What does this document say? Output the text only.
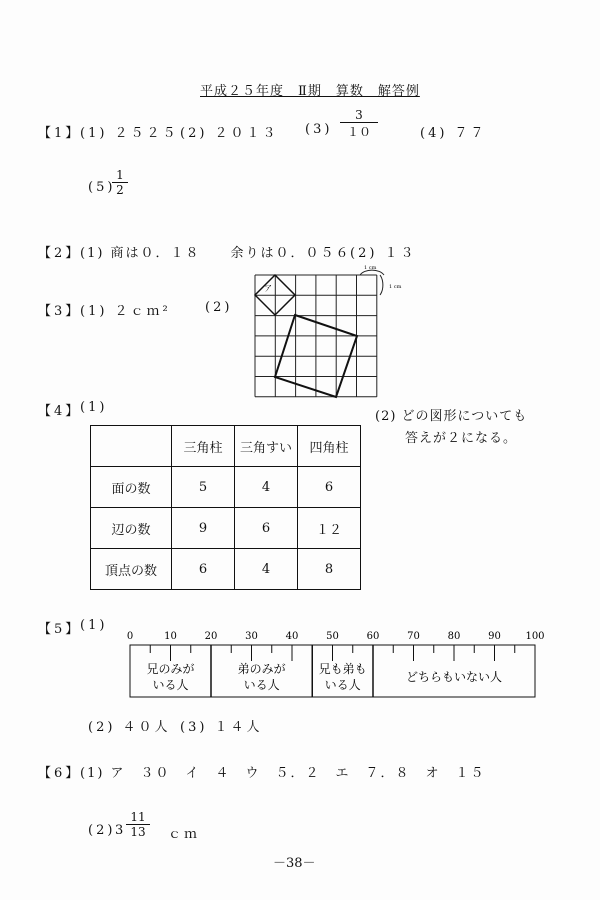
平成２５年度　Ⅱ期　算数　解答例
【1】
(1) ２５２５ (2) ２０１３ (3)
3
１０	(4) ７７
(5)
$\frac{1}{2}$
【2】
(1) 商は０．１８　　余りは０．０５６ (2) １３
【3】
(1) ２ｃｍ²	(2)
ア
1 cm
1 cm
【4】
(1)
(2) どの図形についても
答えが２になる。
	三角柱	三角すい	四角柱
面の数	5	4	6
辺の数	9	6	１２
頂点の数	6	4	8
【5】
(1)
0	10	20	30	40	50	60	70	80	90 100
兄のみが
いる人
弟のみが
いる人
兄も弟も
いる人
どちらもいない人
(2) ４０人 (3) １４人
【6】
(1) ア　３０　イ　４　ウ　５．２　エ　７．８　オ　１５
(2) $3 \frac{11}{13}$ ｃｍ
－38－
